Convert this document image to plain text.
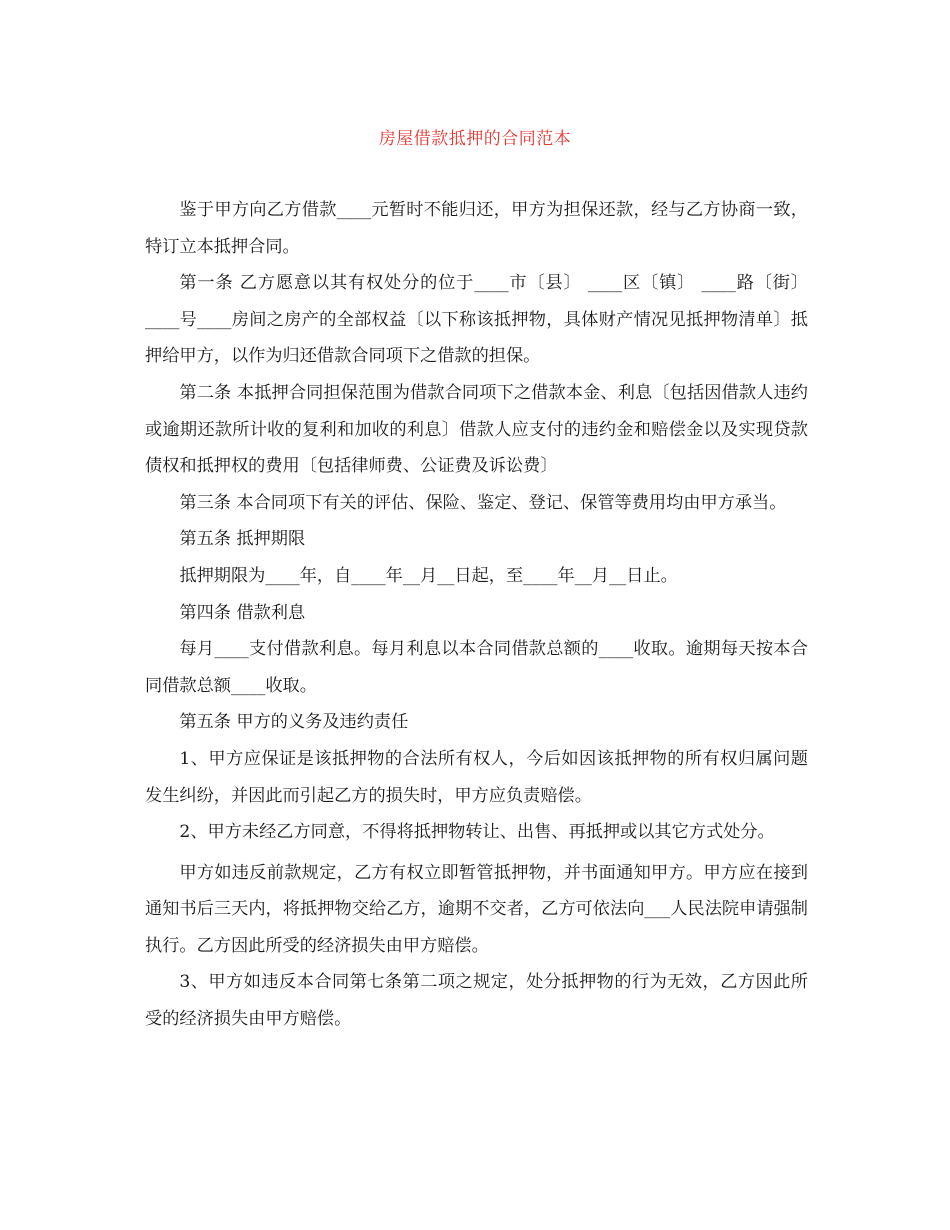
房屋借款抵押的合同范本

鉴于甲方向乙方借款____元暂时不能归还，甲方为担保还款，经与乙方协商一致，特订立本抵押合同。

第一条 乙方愿意以其有权处分的位于____市〔县〕 ____区〔镇〕 ____路〔街〕 ____号____房间之房产的全部权益〔以下称该抵押物，具体财产情况见抵押物清单〕抵押给甲方，以作为归还借款合同项下之借款的担保。

第二条 本抵押合同担保范围为借款合同项下之借款本金、利息〔包括因借款人违约或逾期还款所计收的复利和加收的利息〕借款人应支付的违约金和赔偿金以及实现贷款债权和抵押权的费用〔包括律师费、公证费及诉讼费〕

第三条 本合同项下有关的评估、保险、鉴定、登记、保管等费用均由甲方承当。

第五条 抵押期限

抵押期限为____年，自____年__月__日起，至____年__月__日止。

第四条 借款利息

每月____支付借款利息。每月利息以本合同借款总额的____收取。逾期每天按本合同借款总额____收取。

第五条 甲方的义务及违约责任

1、甲方应保证是该抵押物的合法所有权人，今后如因该抵押物的所有权归属问题发生纠纷，并因此而引起乙方的损失时，甲方应负责赔偿。

2、甲方未经乙方同意，不得将抵押物转让、出售、再抵押或以其它方式处分。

甲方如违反前款规定，乙方有权立即暂管抵押物，并书面通知甲方。甲方应在接到通知书后三天内，将抵押物交给乙方，逾期不交者，乙方可依法向___人民法院申请强制执行。乙方因此所受的经济损失由甲方赔偿。

3、甲方如违反本合同第七条第二项之规定，处分抵押物的行为无效，乙方因此所受的经济损失由甲方赔偿。
